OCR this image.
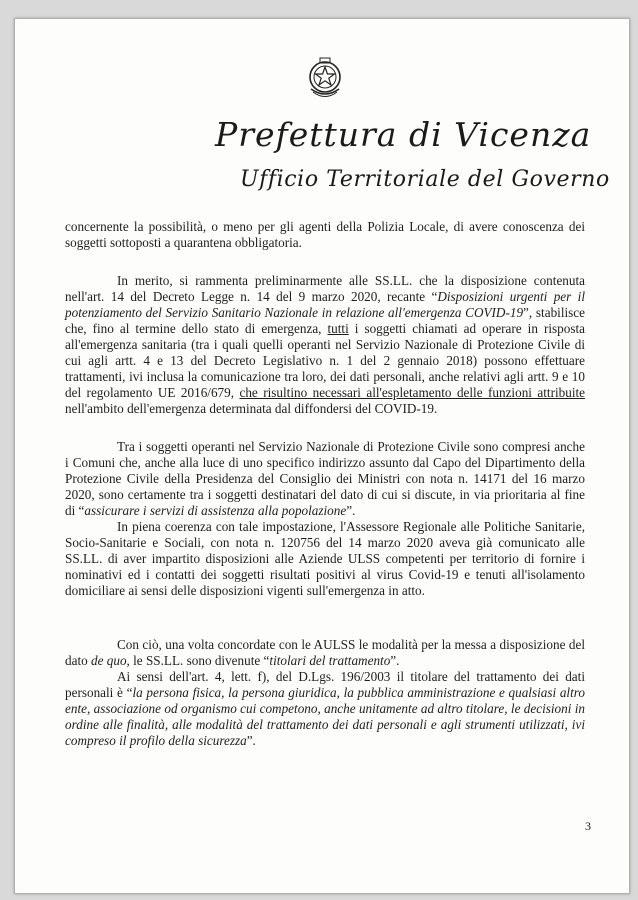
Prefettura di Vicenza
Ufficio Territoriale del Governo

concernente la possibilità, o meno per gli agenti della Polizia Locale, di avere conoscenza dei soggetti sottoposti a quarantena obbligatoria.

In merito, si rammenta preliminarmente alle SS.LL. che la disposizione contenuta nell'art. 14 del Decreto Legge n. 14 del 9 marzo 2020, recante “Disposizioni urgenti per il potenziamento del Servizio Sanitario Nazionale in relazione all'emergenza COVID-19”, stabilisce che, fino al termine dello stato di emergenza, tutti i soggetti chiamati ad operare in risposta all'emergenza sanitaria (tra i quali quelli operanti nel Servizio Nazionale di Protezione Civile di cui agli artt. 4 e 13 del Decreto Legislativo n. 1 del 2 gennaio 2018) possono effettuare trattamenti, ivi inclusa la comunicazione tra loro, dei dati personali, anche relativi agli artt. 9 e 10 del regolamento UE 2016/679, che risultino necessari all'espletamento delle funzioni attribuite nell'ambito dell'emergenza determinata dal diffondersi del COVID-19.

Tra i soggetti operanti nel Servizio Nazionale di Protezione Civile sono compresi anche i Comuni che, anche alla luce di uno specifico indirizzo assunto dal Capo del Dipartimento della Protezione Civile della Presidenza del Consiglio dei Ministri con nota n. 14171 del 16 marzo 2020, sono certamente tra i soggetti destinatari del dato di cui si discute, in via prioritaria al fine di “assicurare i servizi di assistenza alla popolazione”.

In piena coerenza con tale impostazione, l'Assessore Regionale alle Politiche Sanitarie, Socio-Sanitarie e Sociali, con nota n. 120756 del 14 marzo 2020 aveva già comunicato alle SS.LL. di aver impartito disposizioni alle Aziende ULSS competenti per territorio di fornire i nominativi ed i contatti dei soggetti risultati positivi al virus Covid-19 e tenuti all'isolamento domiciliare ai sensi delle disposizioni vigenti sull'emergenza in atto.

Con ciò, una volta concordate con le AULSS le modalità per la messa a disposizione del dato de quo, le SS.LL. sono divenute “titolari del trattamento”.

Ai sensi dell'art. 4, lett. f), del D.Lgs. 196/2003 il titolare del trattamento dei dati personali è “la persona fisica, la persona giuridica, la pubblica amministrazione e qualsiasi altro ente, associazione od organismo cui competono, anche unitamente ad altro titolare, le decisioni in ordine alle finalità, alle modalità del trattamento dei dati personali e agli strumenti utilizzati, ivi compreso il profilo della sicurezza”.

3
